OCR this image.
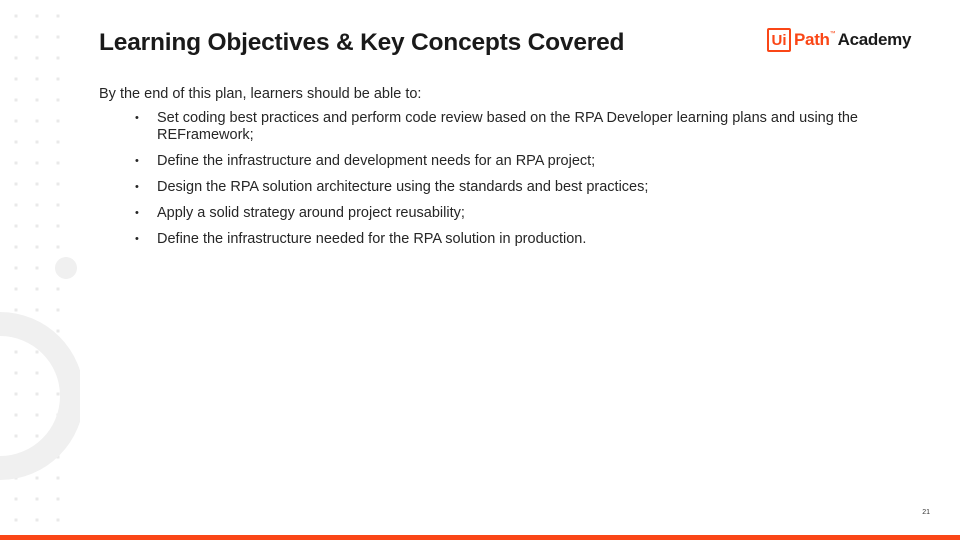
Learning Objectives & Key Concepts Covered	Ui Path ™ Academy

By the end of this plan, learners should be able to:

• Set coding best practices and perform code review based on the RPA Developer learning plans and using the REFramework;
• Define the infrastructure and development needs for an RPA project;
• Design the RPA solution architecture using the standards and best practices;
• Apply a solid strategy around project reusability;
• Define the infrastructure needed for the RPA solution in production.
21
